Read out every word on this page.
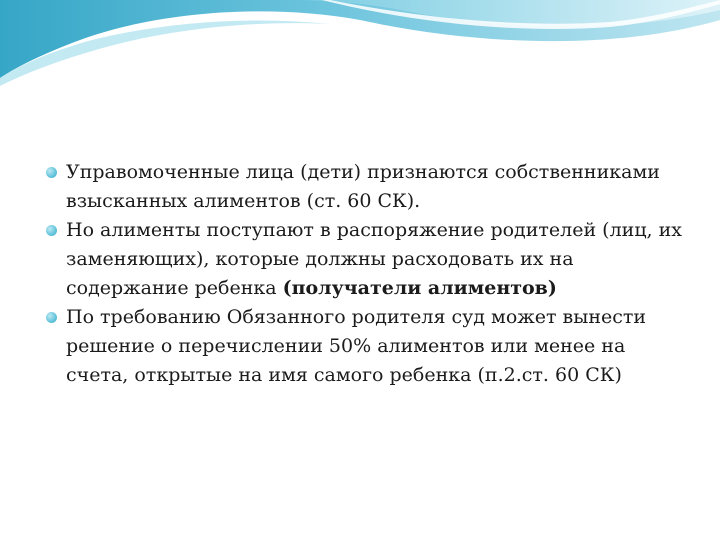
Управомоченные лица (дети) признаются собственниками взысканных алиментов (ст. 60 СК).
Но алименты поступают в распоряжение родителей (лиц, их заменяющих), которые должны расходовать их на содержание ребенка (получатели алиментов)
По требованию Обязанного родителя суд может вынести решение о перечислении 50% алиментов или менее на счета, открытые на имя самого ребенка (п.2.ст. 60 СК)
